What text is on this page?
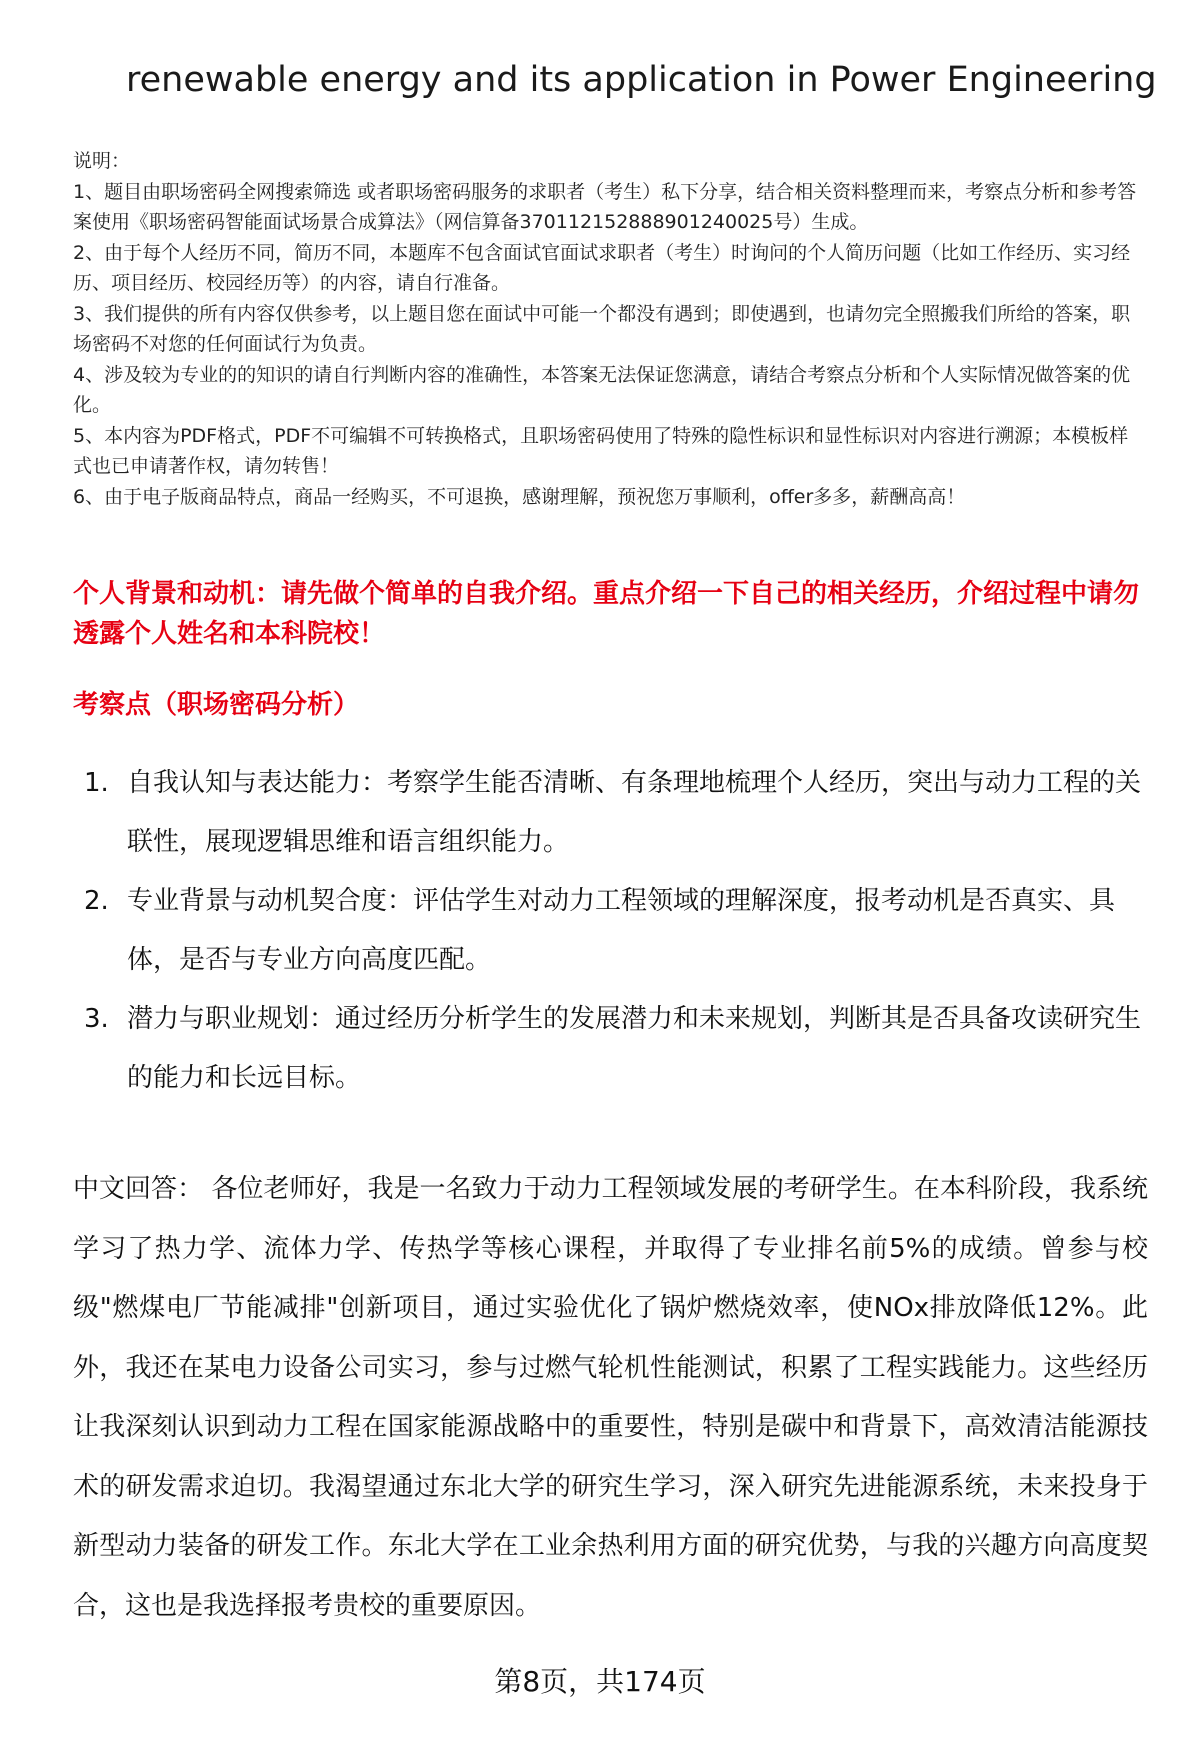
renewable energy and its application in Power Engineering

说明：

1、题目由职场密码全网搜索筛选 或者职场密码服务的求职者（考生）私下分享，结合相关资料整理而来，考察点分析和参考答案使用《职场密码智能面试场景合成算法》（网信算备370112152888901240025号）生成。

2、由于每个人经历不同，简历不同，本题库不包含面试官面试求职者（考生）时询问的个人简历问题（比如工作经历、实习经历、项目经历、校园经历等）的内容，请自行准备。

3、我们提供的所有内容仅供参考，以上题目您在面试中可能一个都没有遇到；即使遇到，也请勿完全照搬我们所给的答案，职场密码不对您的任何面试行为负责。

4、涉及较为专业的的知识的请自行判断内容的准确性，本答案无法保证您满意，请结合考察点分析和个人实际情况做答案的优化。

5、本内容为PDF格式，PDF不可编辑不可转换格式，且职场密码使用了特殊的隐性标识和显性标识对内容进行溯源；本模板样式也已申请著作权，请勿转售！

6、由于电子版商品特点，商品一经购买，不可退换，感谢理解，预祝您万事顺利，offer多多，薪酬高高！

个人背景和动机：请先做个简单的自我介绍。重点介绍一下自己的相关经历，介绍过程中请勿透露个人姓名和本科院校！
考察点（职场密码分析）
1. 自我认知与表达能力：考察学生能否清晰、有条理地梳理个人经历，突出与动力工程的关联性，展现逻辑思维和语言组织能力。
2. 专业背景与动机契合度：评估学生对动力工程领域的理解深度，报考动机是否真实、具体，是否与专业方向高度匹配。
3. 潜力与职业规划：通过经历分析学生的发展潜力和未来规划，判断其是否具备攻读研究生的能力和长远目标。
中文回答： 各位老师好，我是一名致力于动力工程领域发展的考研学生。在本科阶段，我系统学习了热力学、流体力学、传热学等核心课程，并取得了专业排名前5%的成绩。曾参与校级"燃煤电厂节能减排"创新项目，通过实验优化了锅炉燃烧效率，使NOx排放降低12%。此外，我还在某电力设备公司实习，参与过燃气轮机性能测试，积累了工程实践能力。这些经历让我深刻认识到动力工程在国家能源战略中的重要性，特别是碳中和背景下，高效清洁能源技术的研发需求迫切。我渴望通过东北大学的研究生学习，深入研究先进能源系统，未来投身于新型动力装备的研发工作。东北大学在工业余热利用方面的研究优势，与我的兴趣方向高度契合，这也是我选择报考贵校的重要原因。
第8页，共174页
